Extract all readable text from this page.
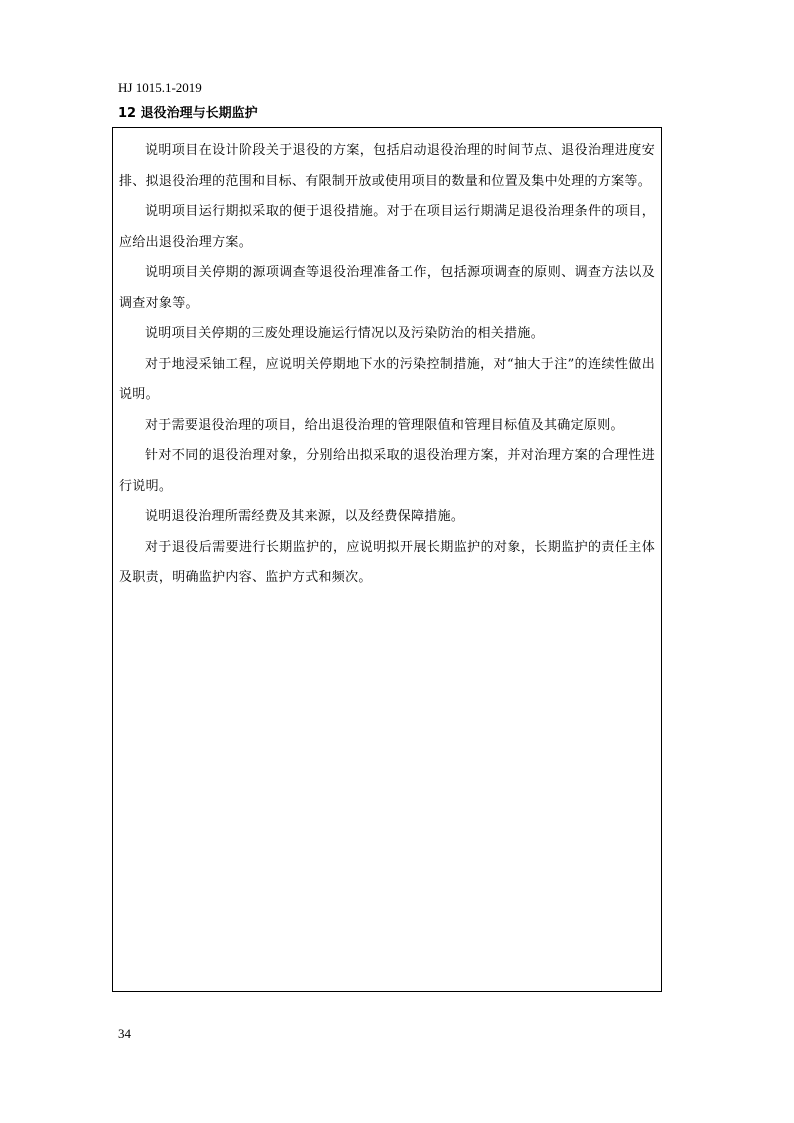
HJ 1015.1-2019
12 退役治理与长期监护

说明项目在设计阶段关于退役的方案，包括启动退役治理的时间节点、退役治理进度安排、拟退役治理的范围和目标、有限制开放或使用项目的数量和位置及集中处理的方案等。

说明项目运行期拟采取的便于退役措施。对于在项目运行期满足退役治理条件的项目，应给出退役治理方案。

说明项目关停期的源项调查等退役治理准备工作，包括源项调查的原则、调查方法以及调查对象等。

说明项目关停期的三废处理设施运行情况以及污染防治的相关措施。

对于地浸采铀工程，应说明关停期地下水的污染控制措施，对“抽大于注”的连续性做出说明。

对于需要退役治理的项目，给出退役治理的管理限值和管理目标值及其确定原则。

针对不同的退役治理对象，分别给出拟采取的退役治理方案，并对治理方案的合理性进行说明。

说明退役治理所需经费及其来源，以及经费保障措施。

对于退役后需要进行长期监护的，应说明拟开展长期监护的对象，长期监护的责任主体及职责，明确监护内容、监护方式和频次。

34
